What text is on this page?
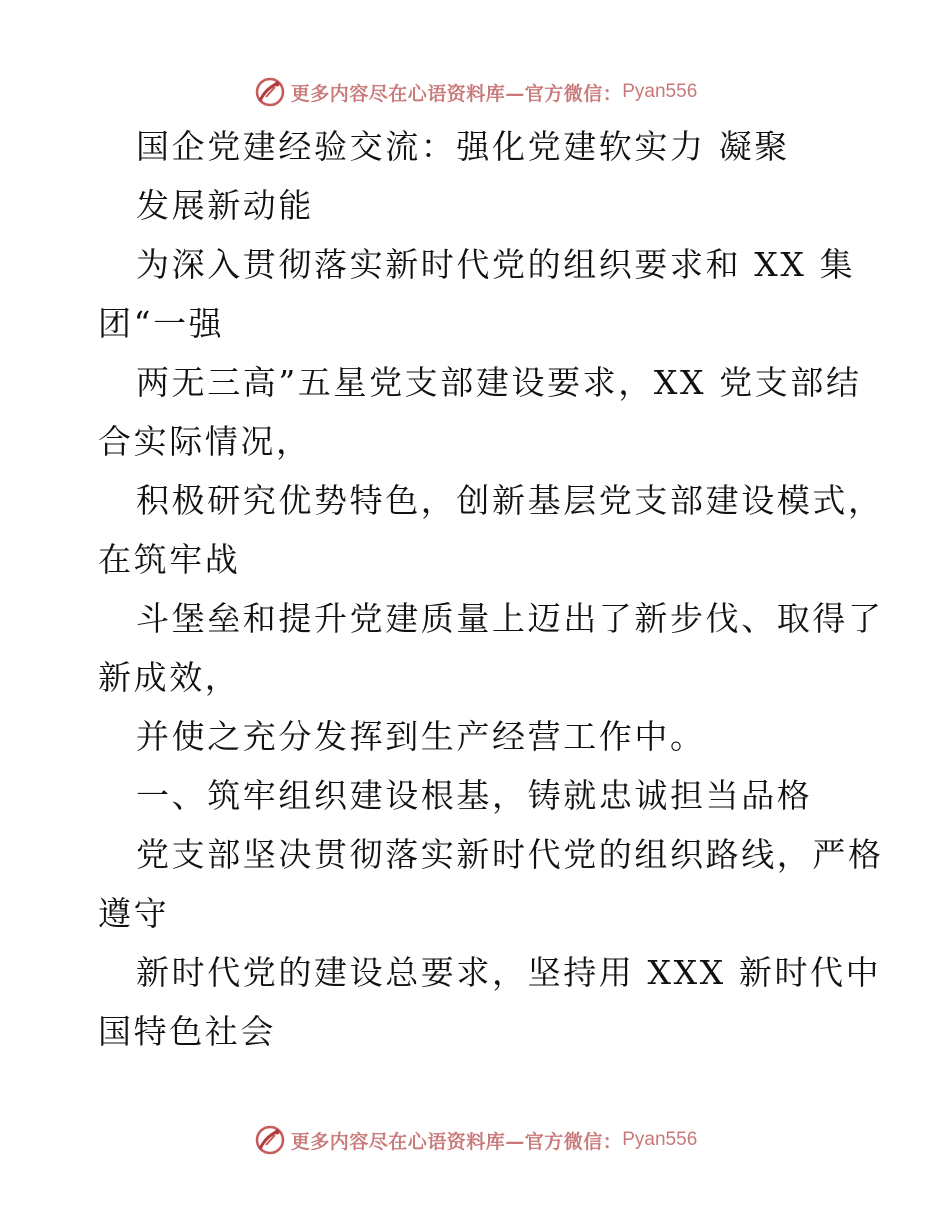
更多内容尽在心语资料库—官方微信： Pyan556
国企党建经验交流：强化党建软实力 凝聚
发展新动能
为深入贯彻落实新时代党的组织要求和 XX 集
团“一强
两无三高”五星党支部建设要求，XX 党支部结
合实际情况，
积极研究优势特色，创新基层党支部建设模式，
在筑牢战
斗堡垒和提升党建质量上迈出了新步伐、取得了
新成效，
并使之充分发挥到生产经营工作中。
一、筑牢组织建设根基，铸就忠诚担当品格
党支部坚决贯彻落实新时代党的组织路线，严格
遵守
新时代党的建设总要求，坚持用 XXX 新时代中
国特色社会
更多内容尽在心语资料库—官方微信： Pyan556
